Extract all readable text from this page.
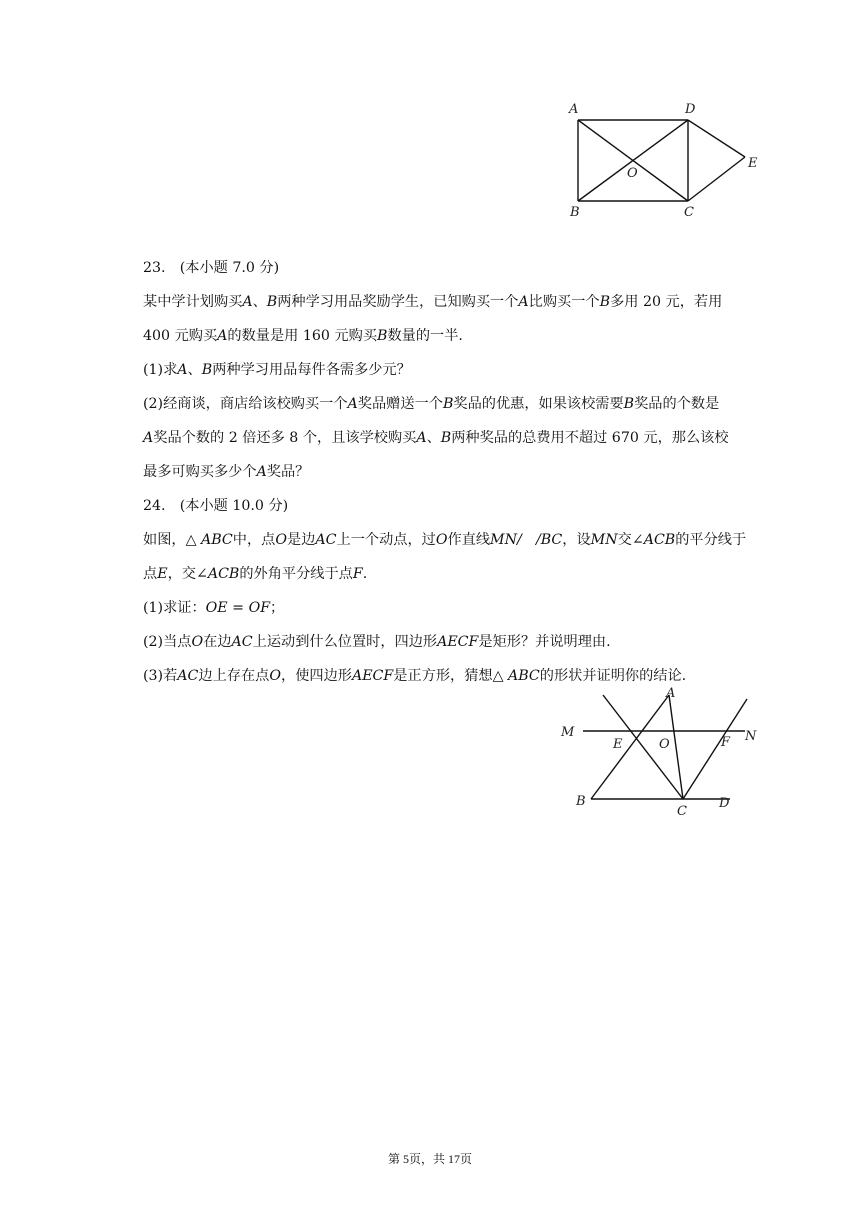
A	D
E
O
B	C
23.　(本小题 7.0 分)
某中学计划购买A、B两种学习用品奖励学生，已知购买一个A比购买一个B多用 20 元，若用
400 元购买A的数量是用 160 元购买B数量的一半.
(1)求A、B两种学习用品每件各需多少元？
(2)经商谈，商店给该校购买一个A奖品赠送一个B奖品的优惠，如果该校需要B奖品的个数是
A奖品个数的 2 倍还多 8 个，且该学校购买A、B两种奖品的总费用不超过 670 元，那么该校
最多可购买多少个A奖品？
24.　(本小题 10.0 分)
如图，△ ABC中，点O是边AC上一个动点，过O作直线MN/　/BC，设MN交∠ACB的平分线于
点E，交∠ACB的外角平分线于点F.
(1)求证：OE = OF；
(2)当点O在边AC上运动到什么位置时，四边形AECF是矩形？并说明理由.
(3)若AC边上存在点O，使四边形AECF是正方形，猜想△ ABC的形状并证明你的结论.
A
M
E	O	F N
B
C
D
第 5页，共 17页
